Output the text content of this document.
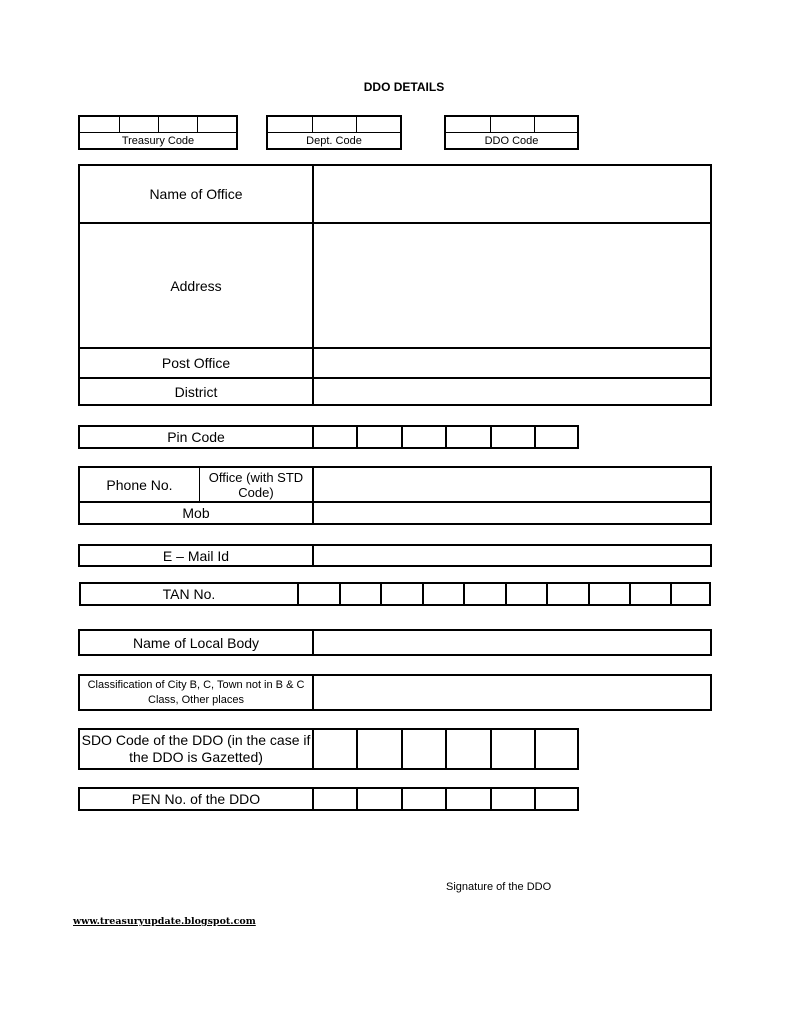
DDO DETAILS
Treasury Code	Dept. Code	DDO Code
Name of Office
Address
Post Office
District
Pin Code
Phone No.	Office (with STD Code)
Mob
E – Mail Id
TAN No.
Name of Local Body
Classification of City B, C, Town not in B & C Class, Other places
SDO Code of the DDO (in the case if the DDO is Gazetted)
PEN No. of the DDO
Signature of the DDO
www.treasuryupdate.blogspot.com
